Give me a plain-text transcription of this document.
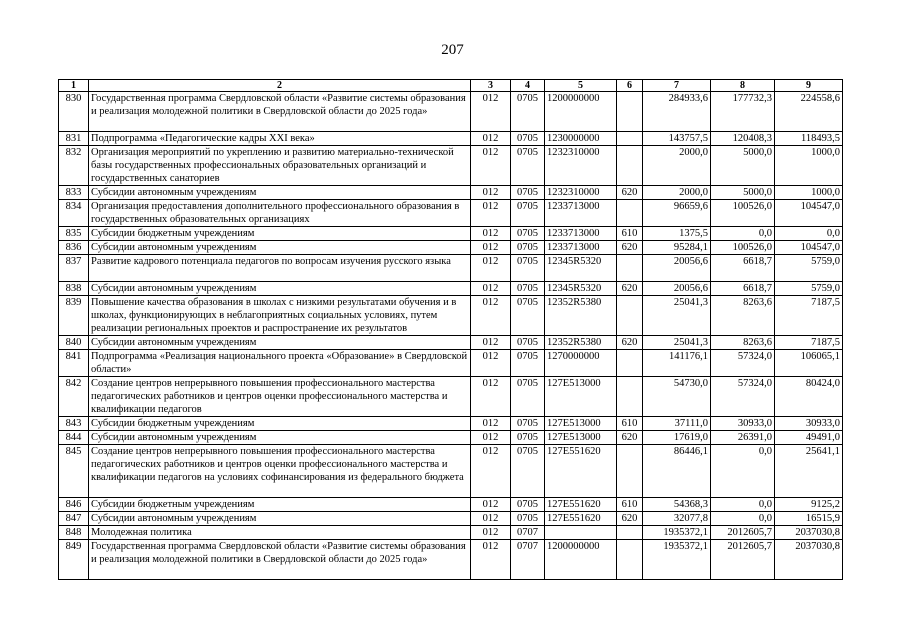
207
1	2	3	4	5	6	7	8	9
830	Государственная программа Свердловской области «Развитие системы образования и реализация молодежной политики в Свердловской области до 2025 года»	012	0705	1200000000		284933,6	177732,3	224558,6
831	Подпрограмма «Педагогические кадры XXI века»	012	0705	1230000000		143757,5	120408,3	118493,5
832	Организация мероприятий по укреплению и развитию материально-технической базы государственных профессиональных образовательных организаций и государственных санаториев	012	0705	1232310000		2000,0	5000,0	1000,0
833	Субсидии автономным учреждениям	012	0705	1232310000	620	2000,0	5000,0	1000,0
834	Организация предоставления дополнительного профессионального образования в государственных образовательных организациях	012	0705	1233713000		96659,6	100526,0	104547,0
835	Субсидии бюджетным учреждениям	012	0705	1233713000	610	1375,5	0,0	0,0
836	Субсидии автономным учреждениям	012	0705	1233713000	620	95284,1	100526,0	104547,0
837	Развитие кадрового потенциала педагогов по вопросам изучения русского языка	012	0705	12345R5320		20056,6	6618,7	5759,0
838	Субсидии автономным учреждениям	012	0705	12345R5320	620	20056,6	6618,7	5759,0
839	Повышение качества образования в школах с низкими результатами обучения и в школах, функционирующих в неблагоприятных социальных условиях, путем реализации региональных проектов и распространение их результатов	012	0705	12352R5380		25041,3	8263,6	7187,5
840	Субсидии автономным учреждениям	012	0705	12352R5380	620	25041,3	8263,6	7187,5
841	Подпрограмма «Реализация национального проекта «Образование» в Свердловской области»	012	0705	1270000000		141176,1	57324,0	106065,1
842	Создание центров непрерывного повышения профессионального мастерства педагогических работников и центров оценки профессионального мастерства и квалификации педагогов	012	0705	127E513000		54730,0	57324,0	80424,0
843	Субсидии бюджетным учреждениям	012	0705	127E513000	610	37111,0	30933,0	30933,0
844	Субсидии автономным учреждениям	012	0705	127E513000	620	17619,0	26391,0	49491,0
845	Создание центров непрерывного повышения профессионального мастерства педагогических работников и центров оценки профессионального мастерства и квалификации педагогов на условиях софинансирования из федерального бюджета	012	0705	127E551620		86446,1	0,0	25641,1
846	Субсидии бюджетным учреждениям	012	0705	127E551620	610	54368,3	0,0	9125,2
847	Субсидии автономным учреждениям	012	0705	127E551620	620	32077,8	0,0	16515,9
848	Молодежная политика	012	0707			1935372,1	2012605,7	2037030,8
849	Государственная программа Свердловской области «Развитие системы образования и реализация молодежной политики в Свердловской области до 2025 года»	012	0707	1200000000		1935372,1	2012605,7	2037030,8
